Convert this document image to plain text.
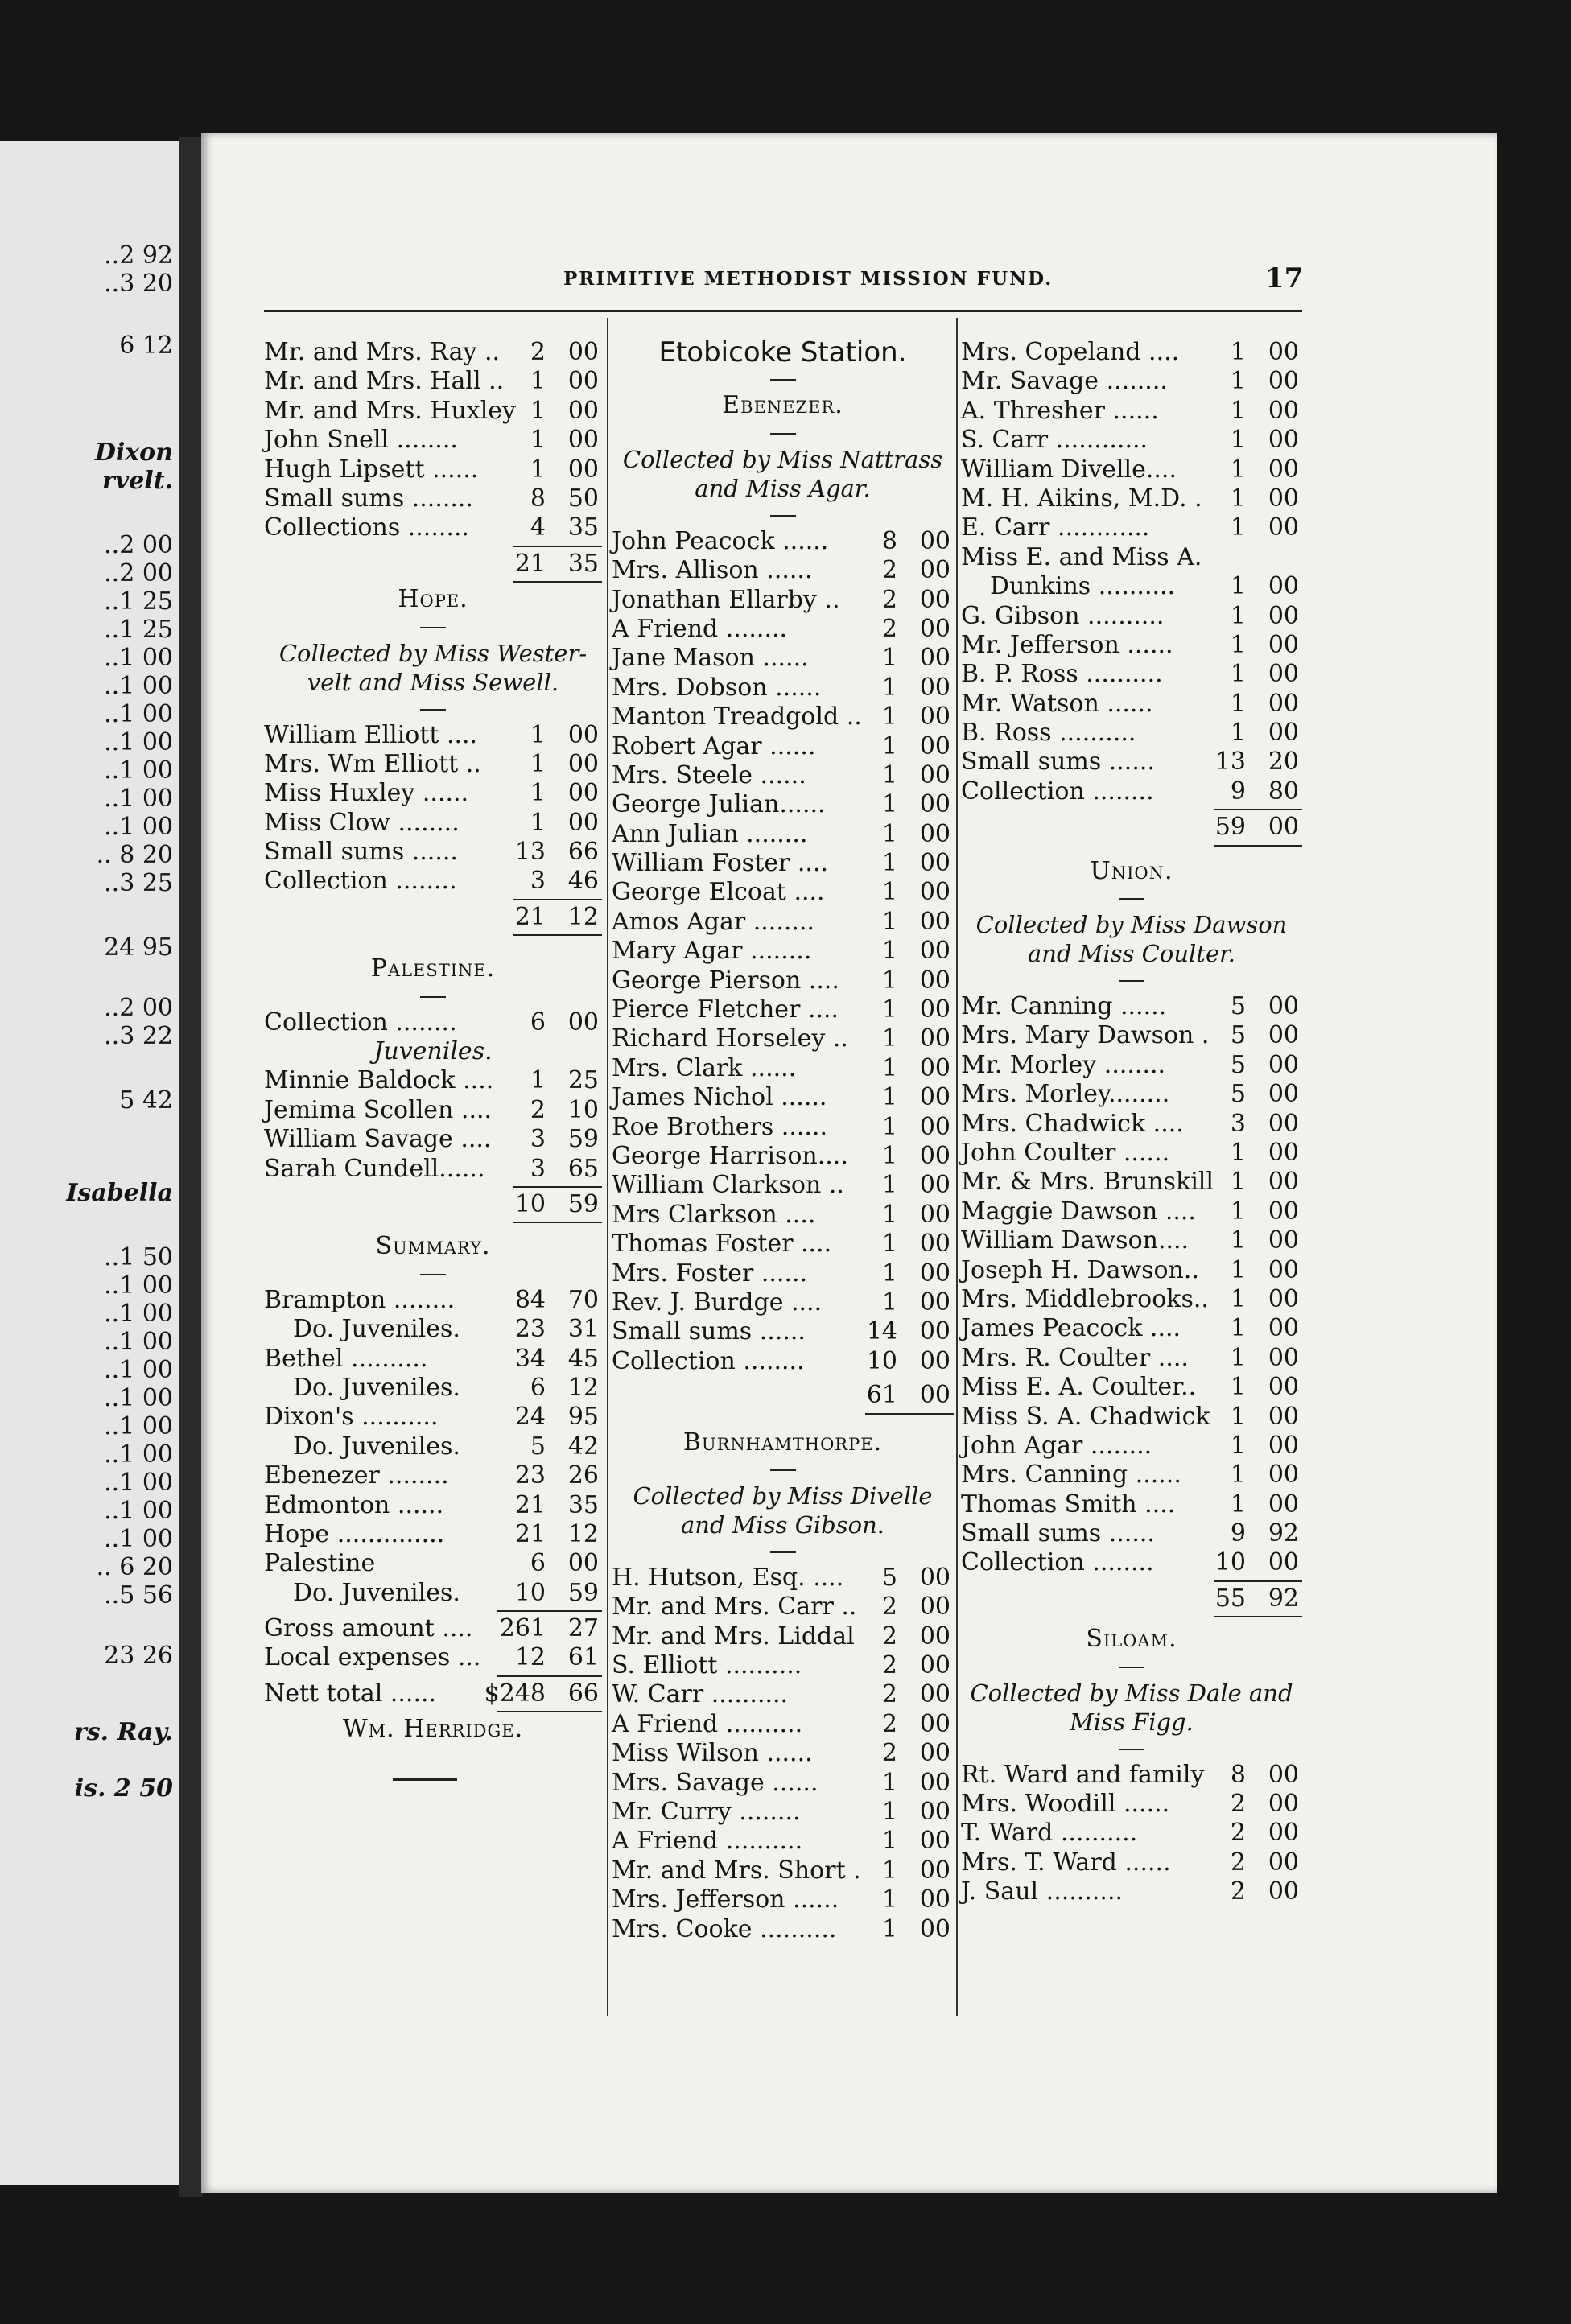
..2 92
..3 20
6 12
Dixon
rvelt.
..2 00
..2 00
..1 25
..1 25
..1 00
..1 00
..1 00
..1 00
..1 00
..1 00
..1 00
.. 8 20
..3 25
24 95
..2 00
..3 22
5 42
Isabella
..1 50
..1 00
..1 00
..1 00
..1 00
..1 00
..1 00
..1 00
..1 00
..1 00
..1 00
.. 6 20
..5 56
23 26
rs. Ray.
is. 2 50
PRIMITIVE METHODIST MISSION FUND.	17
Mr. and Mrs. Ray .. 2 00
Mr. and Mrs. Hall .. 1 00
Mr. and Mrs. Huxley 1 00
John Snell ........	1 00
Hugh Lipsett ...... 1 00
Small sums ........ 8 50
Collections ........	4 35
21 35
Hope.
Collected by Miss Wester-velt and Miss Sewell.
William Elliott .... 1 00
Mrs. Wm Elliott .. 1 00
Miss Huxley ......	1 00
Miss Clow ........	1 00
Small sums ...... 13 66
Collection ........	3 46
21 12
Palestine.
Collection ........	6 00
Juveniles.
Minnie Baldock .... 1 25
Jemima Scollen .... 2 10
William Savage .... 3 59
Sarah Cundell...... 3 65
10 59
Summary.
Brampton ........ 84 70
Do. Juveniles. 23 31
Bethel ..........	34 45
Do. Juveniles.	6 12
Dixon's ..........	24 95
Do. Juveniles.	5 42
Ebenezer ........	23 26
Edmonton ......	21 35
Hope ..............	21 12
Palestine	6 00
Do. Juveniles. 10 59
Gross amount .... 261 27
Local expenses ... 12 61
Nett total ...... $248 66
Wm. Herridge.
Etobicoke Station.
Ebenezer.
Collected by Miss Nattrass and Miss Agar.
John Peacock ...... 8 00
Mrs. Allison ......	2 00
Jonathan Ellarby .. 2 00
A Friend ........	2 00
Jane Mason ......	1 00
Mrs. Dobson ......	1 00
Manton Treadgold .. 1 00
Robert Agar ......	1 00
Mrs. Steele ......	1 00
George Julian...... 1 00
Ann Julian ........	1 00
William Foster .... 1 00
George Elcoat .... 1 00
Amos Agar ........	1 00
Mary Agar ........	1 00
George Pierson .... 1 00
Pierce Fletcher .... 1 00
Richard Horseley .. 1 00
Mrs. Clark ......	1 00
James Nichol ...... 1 00
Roe Brothers ...... 1 00
George Harrison.... 1 00
William Clarkson .. 1 00
Mrs Clarkson ....	1 00
Thomas Foster .... 1 00
Mrs. Foster ......	1 00
Rev. J. Burdge .... 1 00
Small sums ......	14 00
Collection ........	10 00
61 00
Burnhamthorpe.
Collected by Miss Divelle and Miss Gibson.
H. Hutson, Esq. .... 5 00
Mr. and Mrs. Carr .. 2 00
Mr. and Mrs. Liddal 2 00
S. Elliott ..........	2 00
W. Carr ..........	2 00
A Friend ..........	2 00
Miss Wilson ......	2 00
Mrs. Savage ......	1 00
Mr. Curry ........	1 00
A Friend ..........	1 00
Mr. and Mrs. Short . 1 00
Mrs. Jefferson ...... 1 00
Mrs. Cooke .......... 1 00
Mrs. Copeland .... 1 00
Mr. Savage ........	1 00
A. Thresher ......	1 00
S. Carr ............	1 00
William Divelle.... 1 00
M. H. Aikins, M.D. . 1 00
E. Carr ............	1 00
Miss E. and Miss A.
Dunkins .......... 1 00
G. Gibson ..........	1 00
Mr. Jefferson ...... 1 00
B. P. Ross ..........	1 00
Mr. Watson ......	1 00
B. Ross ..........	1 00
Small sums ...... 13 20
Collection ........	9 80
59 00
Union.
Collected by Miss Dawson and Miss Coulter.
Mr. Canning ......	5 00
Mrs. Mary Dawson . 5 00
Mr. Morley ........	5 00
Mrs. Morley........	5 00
Mrs. Chadwick .... 3 00
John Coulter ......	1 00
Mr. & Mrs. Brunskill 1 00
Maggie Dawson .... 1 00
William Dawson.... 1 00
Joseph H. Dawson.. 1 00
Mrs. Middlebrooks.. 1 00
James Peacock .... 1 00
Mrs. R. Coulter .... 1 00
Miss E. A. Coulter.. 1 00
Miss S. A. Chadwick 1 00
John Agar ........	1 00
Mrs. Canning ...... 1 00
Thomas Smith .... 1 00
Small sums ......	9 92
Collection ........	10 00
55 92
Siloam.
Collected by Miss Dale and Miss Figg.
Rt. Ward and family 8 00
Mrs. Woodill ......	2 00
T. Ward ..........	2 00
Mrs. T. Ward ...... 2 00
J. Saul ..........	2 00
